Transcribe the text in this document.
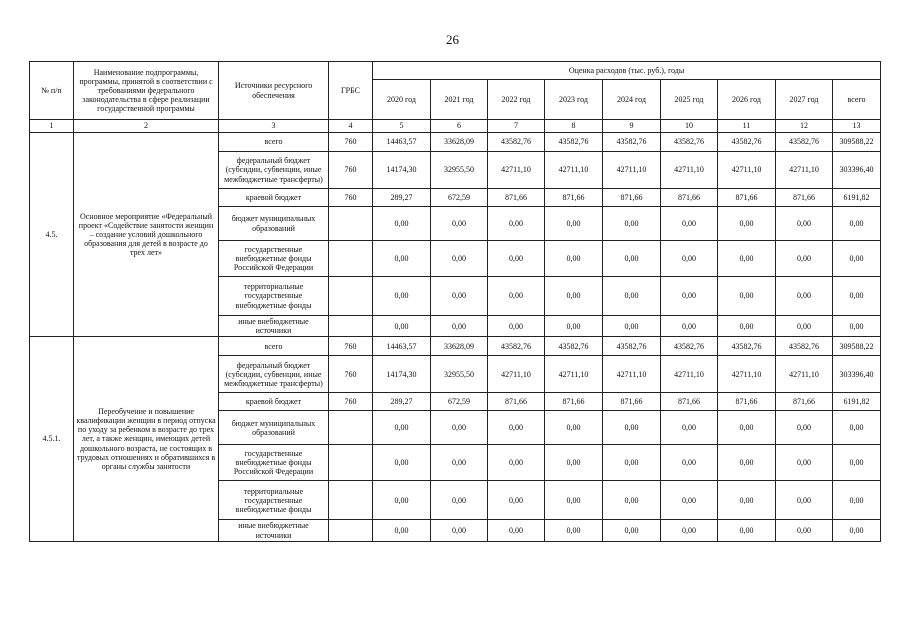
26
№ п/п	Наименование подпрограммы, программы, принятой в соответствии с требованиями федерального законодательства в сфере реализации государственной программы	Источники ресурсного обеспечения	ГРБС	Оценка расходов (тыс. руб.), годы								
				2020 год	2021 год	2022 год	2023 год	2024 год	2025 год	2026 год	2027 год	всего
1	2	3	4	5	6	7	8	9	10	11	12	13
4.5.	Основное мероприятие «Федеральный проект «Содействие занятости женщин – создание условий дошкольного образования для детей в возрасте до трех лет»	всего	760	14463,57	33628,09	43582,76	43582,76	43582,76	43582,76	43582,76	43582,76	309588,22
		федеральный бюджет (субсидии, субвенции, иные межбюджетные трансферты)	760	14174,30	32955,50	42711,10	42711,10	42711,10	42711,10	42711,10	42711,10	303396,40
		краевой бюджет	760	289,27	672,59	871,66	871,66	871,66	871,66	871,66	871,66	6191,82
		бюджет муниципальных образований		0,00	0,00	0,00	0,00	0,00	0,00	0,00	0,00	0,00
		государственные внебюджетные фонды Российской Федерации		0,00	0,00	0,00	0,00	0,00	0,00	0,00	0,00	0,00
		территориальные государственные внебюджетные фонды		0,00	0,00	0,00	0,00	0,00	0,00	0,00	0,00	0,00
		иные внебюджетные источники		0,00	0,00	0,00	0,00	0,00	0,00	0,00	0,00	0,00
4.5.1.	Переобучение и повышение квалификации женщин в период отпуска по уходу за ребенком в возрасте до трех лет, а также женщин, имеющих детей дошкольного возраста, не состоящих в трудовых отношениях и обратившихся в органы службы занятости	всего	760	14463,57	33628,09	43582,76	43582,76	43582,76	43582,76	43582,76	43582,76	309588,22
		федеральный бюджет (субсидии, субвенции, иные межбюджетные трансферты)	760	14174,30	32955,50	42711,10	42711,10	42711,10	42711,10	42711,10	42711,10	303396,40
		краевой бюджет	760	289,27	672,59	871,66	871,66	871,66	871,66	871,66	871,66	6191,82
		бюджет муниципальных образований		0,00	0,00	0,00	0,00	0,00	0,00	0,00	0,00	0,00
		государственные внебюджетные фонды Российской Федерации		0,00	0,00	0,00	0,00	0,00	0,00	0,00	0,00	0,00
		территориальные государственные внебюджетные фонды		0,00	0,00	0,00	0,00	0,00	0,00	0,00	0,00	0,00
		иные внебюджетные источники		0,00	0,00	0,00	0,00	0,00	0,00	0,00	0,00	0,00
